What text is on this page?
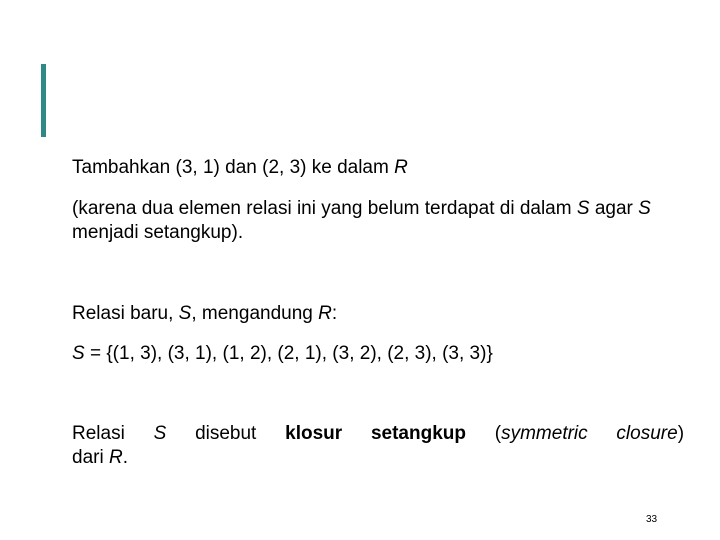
Tambahkan (3, 1) dan (2, 3) ke dalam R

(karena dua elemen relasi ini yang belum terdapat di dalam S agar S menjadi setangkup).

Relasi baru, S, mengandung R:

S = {(1, 3), (3, 1), (1, 2), (2, 1), (3, 2), (2, 3), (3, 3)}

Relasi S disebut klosur setangkup (symmetric closure)
dari R.

33
